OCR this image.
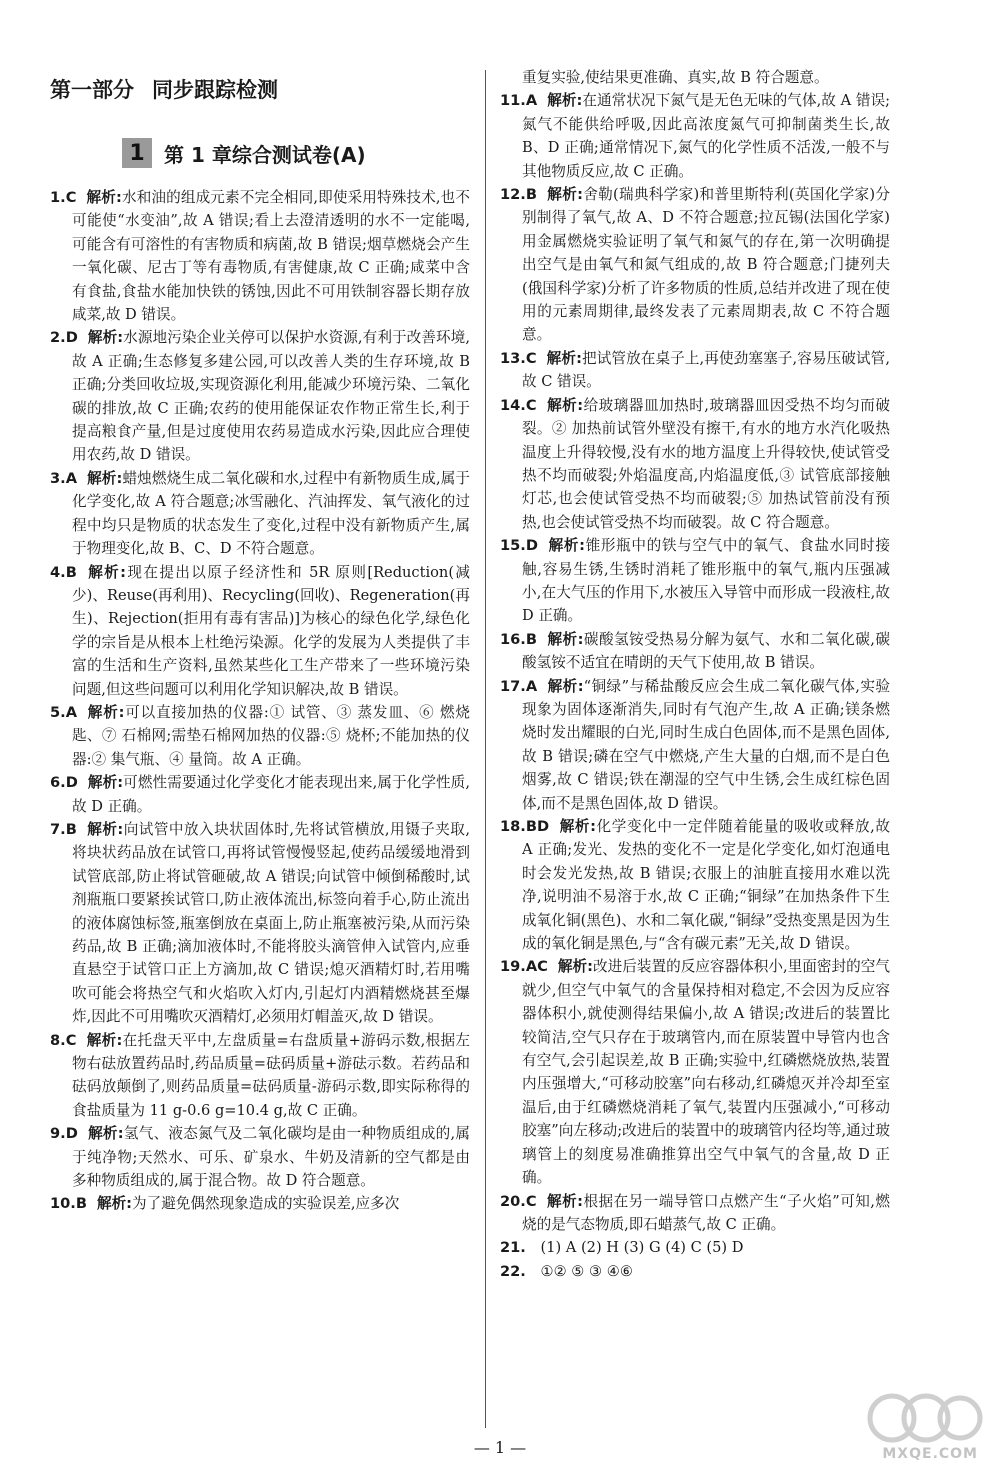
第一部分 同步跟踪检测
1 第 1 章综合测试卷(A)

1.C 解析:水和油的组成元素不完全相同,即使采用特殊技术,也不可能使“水变油”,故 A 错误;看上去澄清透明的水不一定能喝,可能含有可溶性的有害物质和病菌,故 B 错误;烟草燃烧会产生一氧化碳、尼古丁等有毒物质,有害健康,故 C 正确;咸菜中含有食盐,食盐水能加快铁的锈蚀,因此不可用铁制容器长期存放咸菜,故 D 错误。

2.D 解析:水源地污染企业关停可以保护水资源,有利于改善环境,故 A 正确;生态修复多建公园,可以改善人类的生存环境,故 B 正确;分类回收垃圾,实现资源化利用,能减少环境污染、二氧化碳的排放,故 C 正确;农药的使用能保证农作物正常生长,利于提高粮食产量,但是过度使用农药易造成水污染,因此应合理使用农药,故 D 错误。

3.A 解析:蜡烛燃烧生成二氧化碳和水,过程中有新物质生成,属于化学变化,故 A 符合题意;冰雪融化、汽油挥发、氧气液化的过程中均只是物质的状态发生了变化,过程中没有新物质产生,属于物理变化,故 B、C、D 不符合题意。

4.B 解析:现在提出以原子经济性和 5R 原则[Reduction(减少)、Reuse(再利用)、Recycling(回收)、Regeneration(再生)、Rejection(拒用有毒有害品)]为核心的绿色化学,绿色化学的宗旨是从根本上杜绝污染源。化学的发展为人类提供了丰富的生活和生产资料,虽然某些化工生产带来了一些环境污染问题,但这些问题可以利用化学知识解决,故 B 错误。

5.A 解析:可以直接加热的仪器:① 试管、③ 蒸发皿、⑥ 燃烧匙、⑦ 石棉网;需垫石棉网加热的仪器:⑤ 烧杯;不能加热的仪器:② 集气瓶、④ 量筒。故 A 正确。

6.D 解析:可燃性需要通过化学变化才能表现出来,属于化学性质,故 D 正确。

7.B 解析:向试管中放入块状固体时,先将试管横放,用镊子夹取,将块状药品放在试管口,再将试管慢慢竖起,使药品缓缓地滑到试管底部,防止将试管砸破,故 A 错误;向试管中倾倒稀酸时,试剂瓶瓶口要紧挨试管口,防止液体流出,标签向着手心,防止流出的液体腐蚀标签,瓶塞倒放在桌面上,防止瓶塞被污染,从而污染药品,故 B 正确;滴加液体时,不能将胶头滴管伸入试管内,应垂直悬空于试管口正上方滴加,故 C 错误;熄灭酒精灯时,若用嘴吹可能会将热空气和火焰吹入灯内,引起灯内酒精燃烧甚至爆炸,因此不可用嘴吹灭酒精灯,必须用灯帽盖灭,故 D 错误。

8.C 解析:在托盘天平中,左盘质量=右盘质量+游码示数,根据左物右砝放置药品时,药品质量=砝码质量+游砝示数。若药品和砝码放颠倒了,则药品质量=砝码质量-游码示数,即实际称得的食盐质量为 11 g-0.6 g=10.4 g,故 C 正确。

9.D 解析:氢气、液态氮气及二氧化碳均是由一种物质组成的,属于纯净物;天然水、可乐、矿泉水、牛奶及清新的空气都是由多种物质组成的,属于混合物。故 D 符合题意。

10.B 解析:为了避免偶然现象造成的实验误差,应多次

重复实验,使结果更准确、真实,故 B 符合题意。

11.A 解析:在通常状况下氮气是无色无味的气体,故 A 错误;氮气不能供给呼吸,因此高浓度氮气可抑制菌类生长,故 B、D 正确;通常情况下,氮气的化学性质不活泼,一般不与其他物质反应,故 C 正确。

12.B 解析:舍勒(瑞典科学家)和普里斯特利(英国化学家)分别制得了氧气,故 A、D 不符合题意;拉瓦锡(法国化学家)用金属燃烧实验证明了氧气和氮气的存在,第一次明确提出空气是由氧气和氮气组成的,故 B 符合题意;门捷列夫(俄国科学家)分析了许多物质的性质,总结并改进了现在使用的元素周期律,最终发表了元素周期表,故 C 不符合题意。

13.C 解析:把试管放在桌子上,再使劲塞塞子,容易压破试管,故 C 错误。

14.C 解析:给玻璃器皿加热时,玻璃器皿因受热不均匀而破裂。② 加热前试管外壁没有擦干,有水的地方水汽化吸热温度上升得较慢,没有水的地方温度上升得较快,使试管受热不均而破裂;外焰温度高,内焰温度低,③ 试管底部接触灯芯,也会使试管受热不均而破裂;⑤ 加热试管前没有预热,也会使试管受热不均而破裂。故 C 符合题意。

15.D 解析:锥形瓶中的铁与空气中的氧气、食盐水同时接触,容易生锈,生锈时消耗了锥形瓶中的氧气,瓶内压强减小,在大气压的作用下,水被压入导管中而形成一段液柱,故 D 正确。

16.B 解析:碳酸氢铵受热易分解为氨气、水和二氧化碳,碳酸氢铵不适宜在晴朗的天气下使用,故 B 错误。

17.A 解析:“铜绿”与稀盐酸反应会生成二氧化碳气体,实验现象为固体逐渐消失,同时有气泡产生,故 A 正确;镁条燃烧时发出耀眼的白光,同时生成白色固体,而不是黑色固体,故 B 错误;磷在空气中燃烧,产生大量的白烟,而不是白色烟雾,故 C 错误;铁在潮湿的空气中生锈,会生成红棕色固体,而不是黑色固体,故 D 错误。

18.BD 解析:化学变化中一定伴随着能量的吸收或释放,故 A 正确;发光、发热的变化不一定是化学变化,如灯泡通电时会发光发热,故 B 错误;衣服上的油脏直接用水难以洗净,说明油不易溶于水,故 C 正确;“铜绿”在加热条件下生成氧化铜(黑色)、水和二氧化碳,“铜绿”受热变黑是因为生成的氧化铜是黑色,与“含有碳元素”无关,故 D 错误。

19.AC 解析:改进后装置的反应容器体积小,里面密封的空气就少,但空气中氧气的含量保持相对稳定,不会因为反应容器体积小,就使测得结果偏小,故 A 错误;改进后的装置比较简洁,空气只存在于玻璃管内,而在原装置中导管内也含有空气,会引起误差,故 B 正确;实验中,红磷燃烧放热,装置内压强增大,“可移动胶塞”向右移动,红磷熄灭并冷却至室温后,由于红磷燃烧消耗了氧气,装置内压强减小,“可移动胶塞”向左移动;改进后的装置中的玻璃管内径均等,通过玻璃管上的刻度易准确推算出空气中氧气的含量,故 D 正确。

20.C 解析:根据在另一端导管口点燃产生“子火焰”可知,燃烧的是气态物质,即石蜡蒸气,故 C 正确。

21. (1) A (2) H (3) G (4) C (5) D

22. ①② ⑤ ③ ④⑥

— 1 —	MXQE.COM
